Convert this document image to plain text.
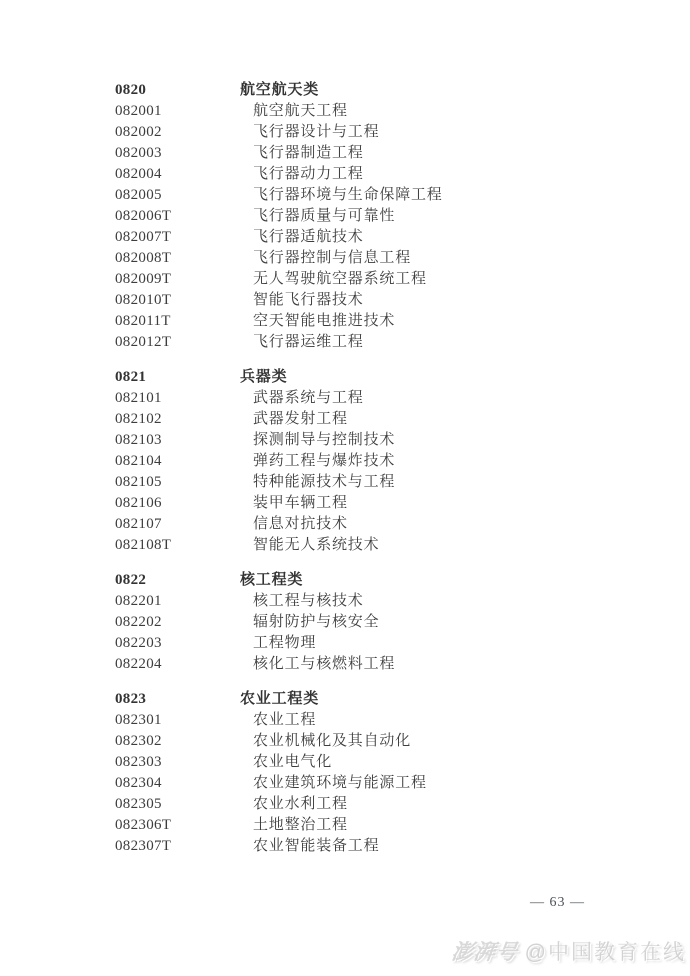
0820	航空航天类
082001	航空航天工程
082002	飞行器设计与工程
082003	飞行器制造工程
082004	飞行器动力工程
082005	飞行器环境与生命保障工程
082006T	飞行器质量与可靠性
082007T	飞行器适航技术
082008T	飞行器控制与信息工程
082009T	无人驾驶航空器系统工程
082010T	智能飞行器技术
082011T	空天智能电推进技术
082012T	飞行器运维工程
0821	兵器类
082101	武器系统与工程
082102	武器发射工程
082103	探测制导与控制技术
082104	弹药工程与爆炸技术
082105	特种能源技术与工程
082106	装甲车辆工程
082107	信息对抗技术
082108T	智能无人系统技术
0822	核工程类
082201	核工程与核技术
082202	辐射防护与核安全
082203	工程物理
082204	核化工与核燃料工程
0823	农业工程类
082301	农业工程
082302	农业机械化及其自动化
082303	农业电气化
082304	农业建筑环境与能源工程
082305	农业水利工程
082306T	土地整治工程
082307T	农业智能装备工程
— 63 —
澎湃号 @中国教育在线
